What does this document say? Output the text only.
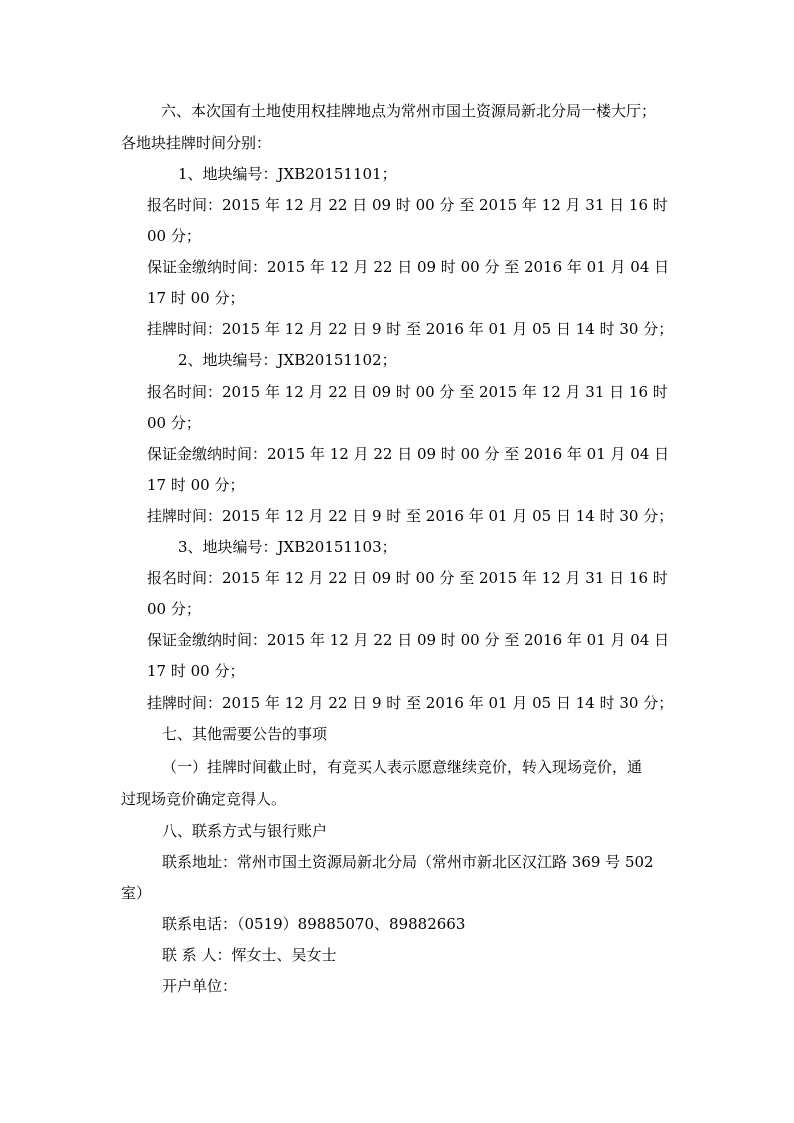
六、本次国有土地使用权挂牌地点为常州市国土资源局新北分局一楼大厅；
各地块挂牌时间分别：
1、地块编号：JXB20151101；
报名时间：2015 年 12 月 22 日 09 时 00 分 至 2015 年 12 月 31 日 16 时
00 分；
保证金缴纳时间：2015 年 12 月 22 日 09 时 00 分 至 2016 年 01 月 04 日
17 时 00 分；
挂牌时间：2015 年 12 月 22 日 9 时 至 2016 年 01 月 05 日 14 时 30 分；
2、地块编号：JXB20151102；
报名时间：2015 年 12 月 22 日 09 时 00 分 至 2015 年 12 月 31 日 16 时
00 分；
保证金缴纳时间：2015 年 12 月 22 日 09 时 00 分 至 2016 年 01 月 04 日
17 时 00 分；
挂牌时间：2015 年 12 月 22 日 9 时 至 2016 年 01 月 05 日 14 时 30 分；
3、地块编号：JXB20151103；
报名时间：2015 年 12 月 22 日 09 时 00 分 至 2015 年 12 月 31 日 16 时
00 分；
保证金缴纳时间：2015 年 12 月 22 日 09 时 00 分 至 2016 年 01 月 04 日
17 时 00 分；
挂牌时间：2015 年 12 月 22 日 9 时 至 2016 年 01 月 05 日 14 时 30 分；
七、其他需要公告的事项
（一）挂牌时间截止时，有竞买人表示愿意继续竞价，转入现场竞价，通
过现场竞价确定竞得人。
八、联系方式与银行账户
联系地址：常州市国土资源局新北分局（常州市新北区汉江路 369 号 502
室）
联系电话：（0519）89885070、89882663
联 系 人：恽女士、吴女士
开户单位：
